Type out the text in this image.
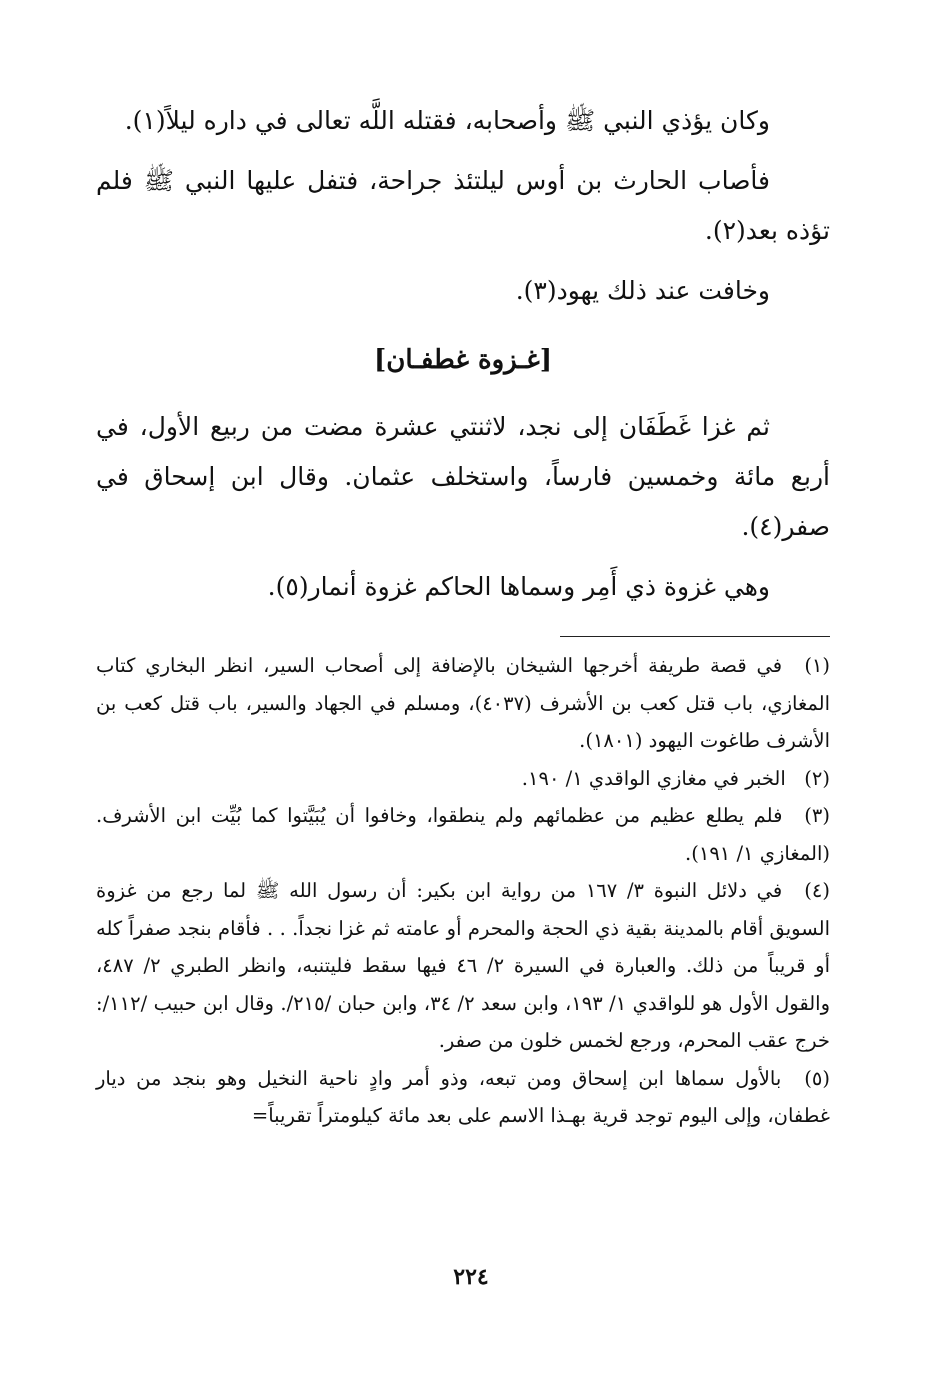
وكان يؤذي النبي ﷺ وأصحابه، فقتله اللَّه تعالى في داره ليلاً(١).

فأصاب الحارث بن أوس ليلتئذ جراحة، فتفل عليها النبي ﷺ فلم تؤذه بعد(٢).

وخافت عند ذلك يهود(٣).

[غـزوة غطفـان]

ثم غزا غَطَفَان إلى نجد، لاثنتي عشرة مضت من ربيع الأول، في أربع مائة وخمسين فارساً، واستخلف عثمان. وقال ابن إسحاق في صفر(٤).

وهي غزوة ذي أَمِر وسماها الحاكم غزوة أنمار(٥).

(١) في قصة طريفة أخرجها الشيخان بالإضافة إلى أصحاب السير، انظر البخاري كتاب المغازي، باب قتل كعب بن الأشرف (٤٠٣٧)، ومسلم في الجهاد والسير، باب قتل كعب بن الأشرف طاغوت اليهود (١٨٠١).

(٢) الخبر في مغازي الواقدي ١/ ١٩٠.

(٣) فلم يطلع عظيم من عظمائهم ولم ينطقوا، وخافوا أن يُبَيَّتوا كما بُيِّت ابن الأشرف. (المغازي ١/ ١٩١).

(٤) في دلائل النبوة ٣/ ١٦٧ من رواية ابن بكير: أن رسول الله ﷺ لما رجع من غزوة السويق أقام بالمدينة بقية ذي الحجة والمحرم أو عامته ثم غزا نجداً. . . فأقام بنجد صفراً كله أو قريباً من ذلك. والعبارة في السيرة ٢/ ٤٦ فيها سقط فليتنبه، وانظر الطبري ٢/ ٤٨٧، والقول الأول هو للواقدي ١/ ١٩٣، وابن سعد ٢/ ٣٤، وابن حبان /٢١٥/. وقال ابن حبيب /١١٢/: خرج عقب المحرم، ورجع لخمس خلون من صفر.

(٥) بالأول سماها ابن إسحاق ومن تبعه، وذو أمر وادٍ ناحية النخيل وهو بنجد من ديار غطفان، وإلى اليوم توجد قرية بهـذا الاسم على بعد مائة كيلومتراً تقريباً=

٢٢٤
